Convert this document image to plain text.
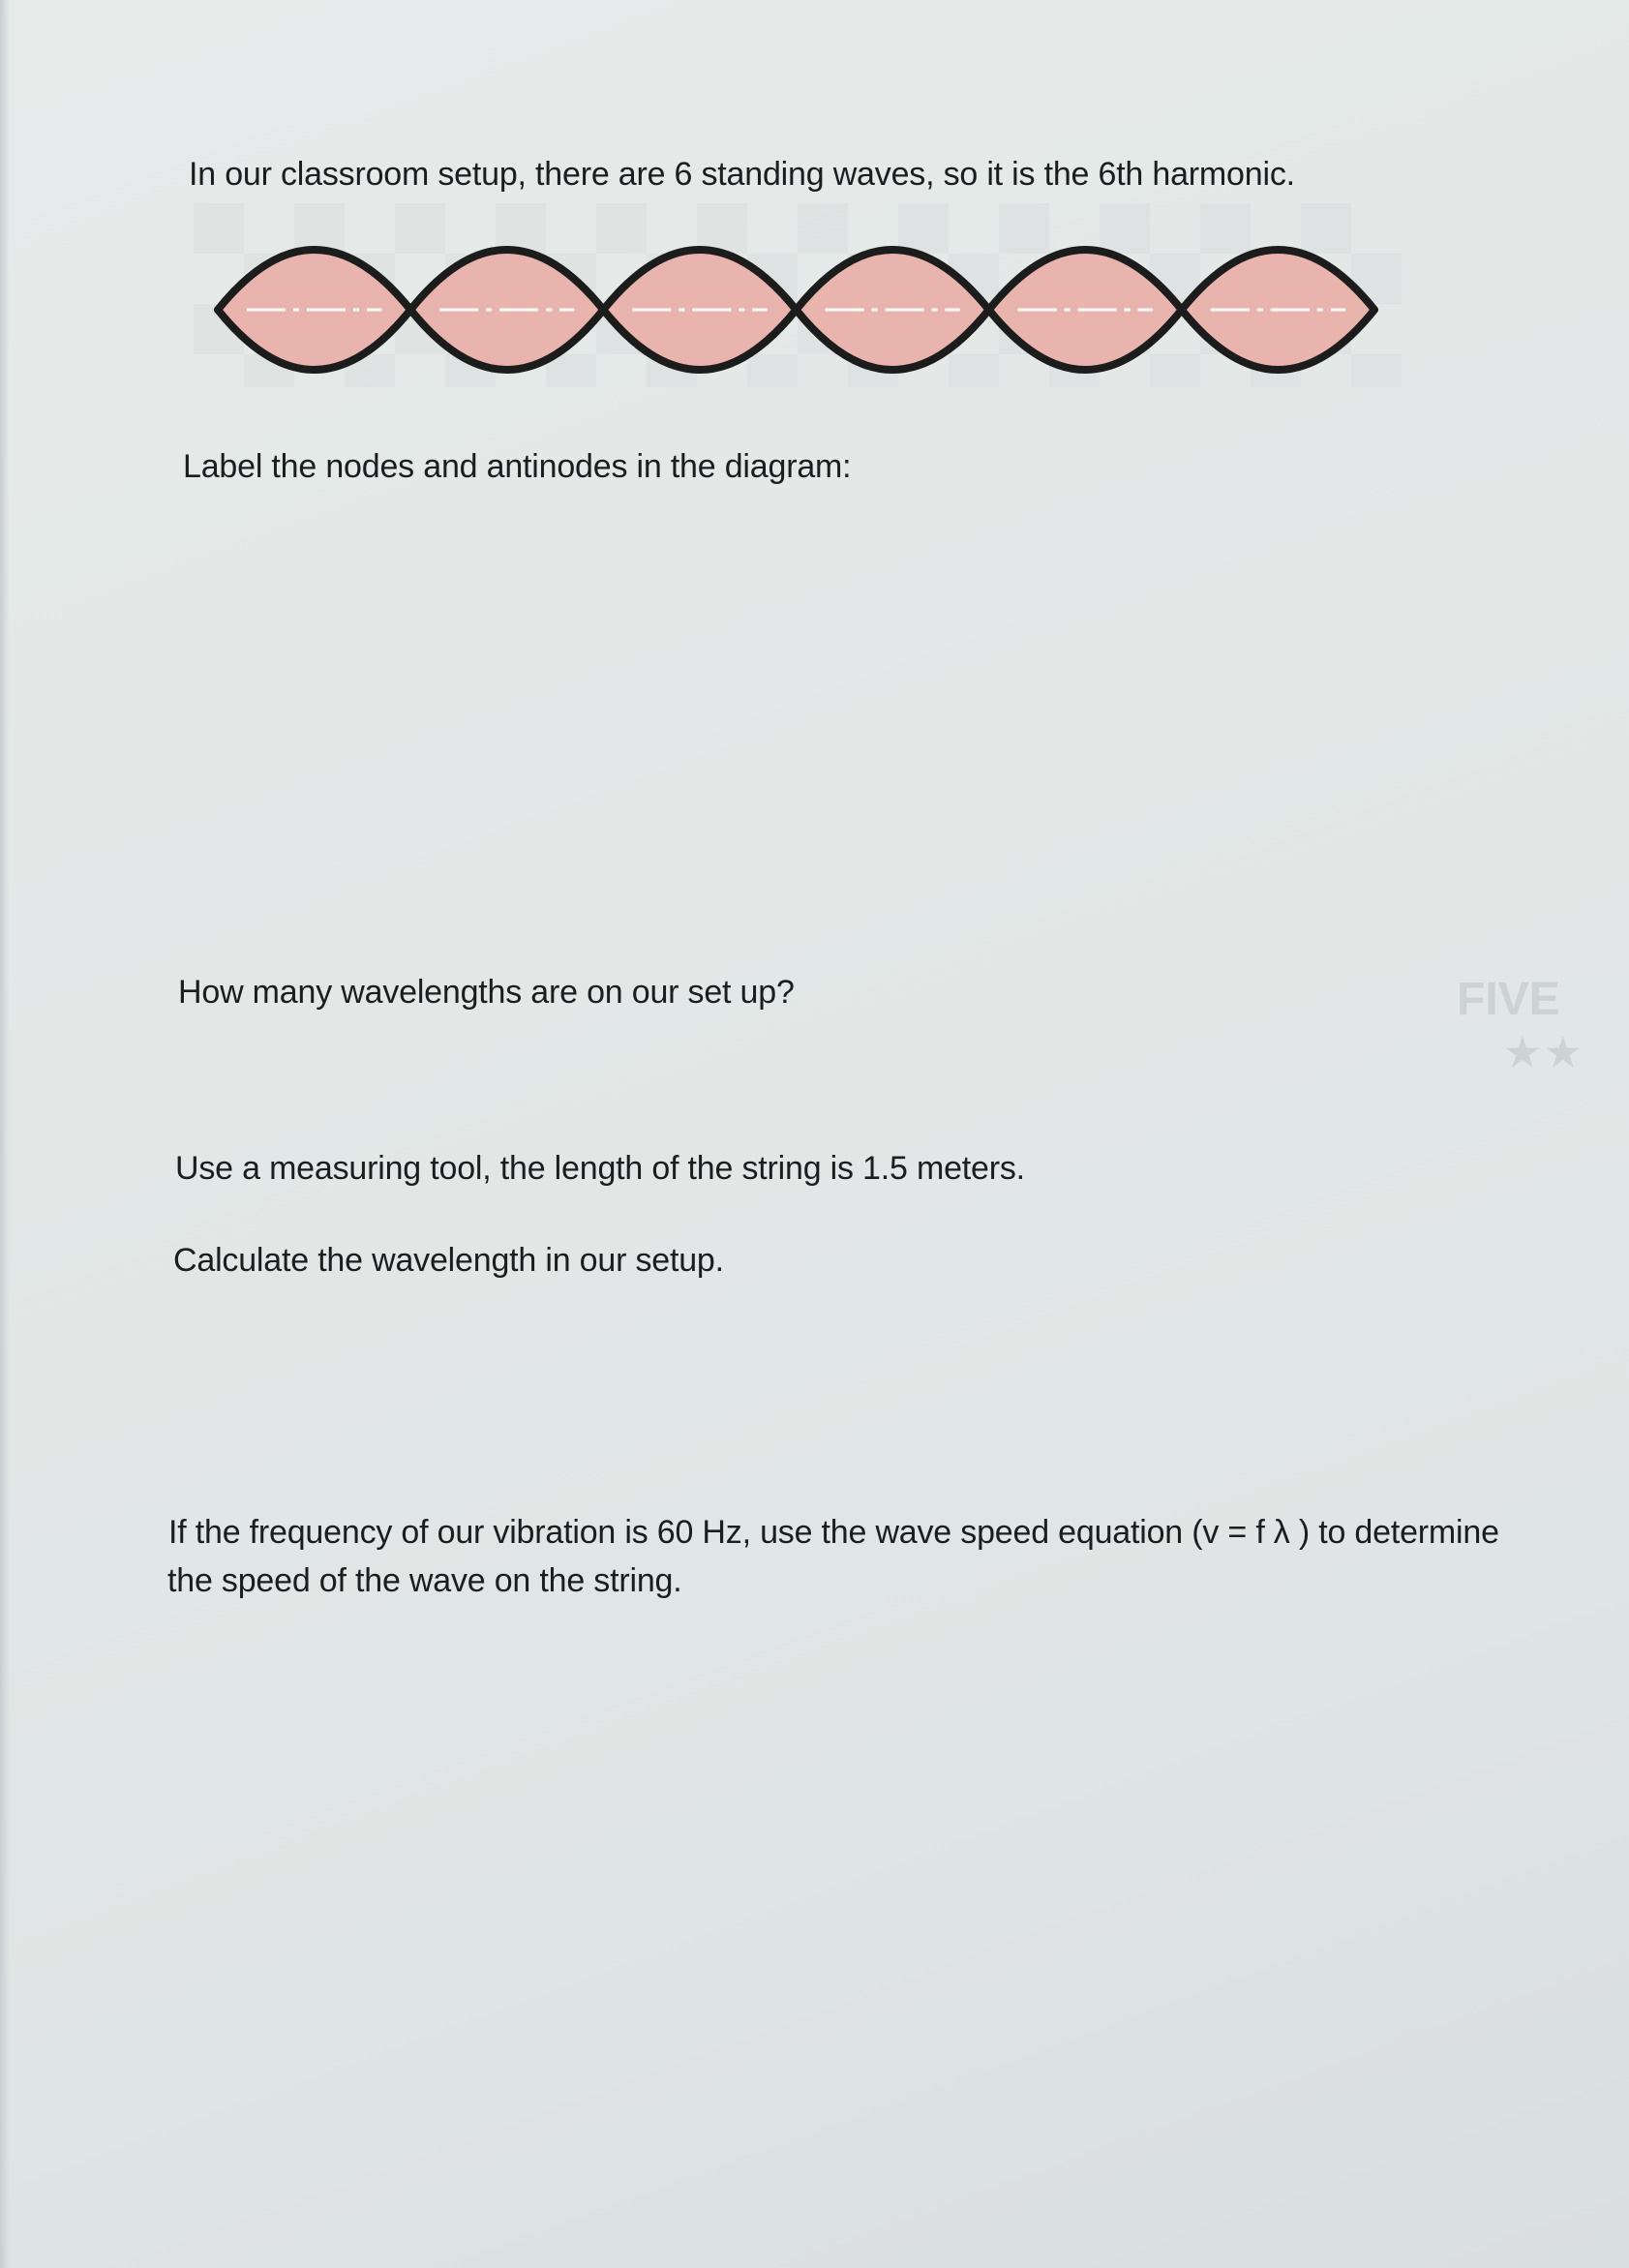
In our classroom setup, there are 6 standing waves, so it is the 6th harmonic.
Label the nodes and antinodes in the diagram:
How many wavelengths are on our set up?	FIVE
★★
Use a measuring tool, the length of the string is 1.5 meters.
Calculate the wavelength in our setup.
If the frequency of our vibration is 60 Hz, use the wave speed equation (v = f λ ) to determine
the speed of the wave on the string.
